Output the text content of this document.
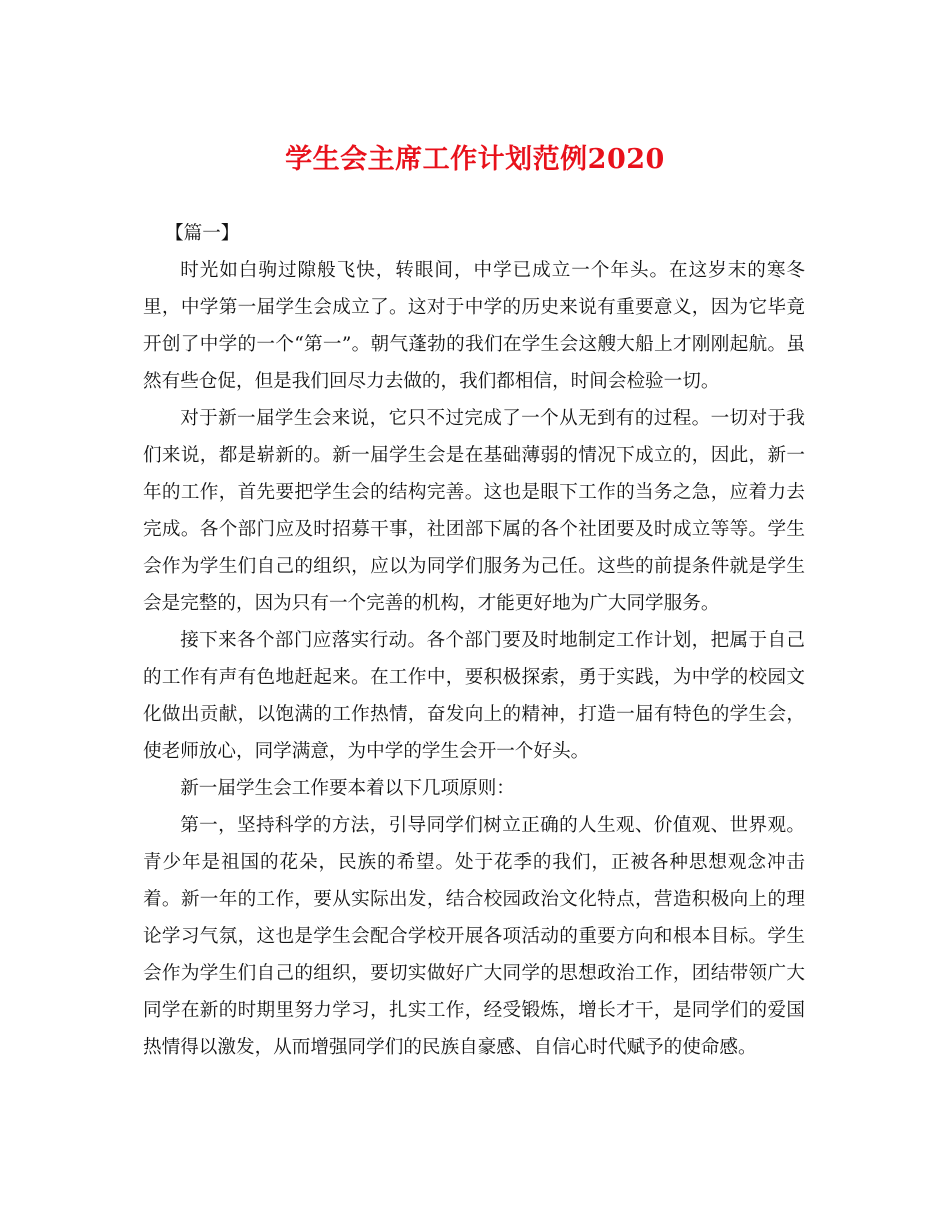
学生会主席工作计划范例2020

【篇一】

时光如白驹过隙般飞快，转眼间，中学已成立一个年头。在这岁末的寒冬里，中学第一届学生会成立了。这对于中学的历史来说有重要意义，因为它毕竟开创了中学的一个“第一”。朝气蓬勃的我们在学生会这艘大船上才刚刚起航。虽然有些仓促，但是我们回尽力去做的，我们都相信，时间会检验一切。

对于新一届学生会来说，它只不过完成了一个从无到有的过程。一切对于我们来说，都是崭新的。新一届学生会是在基础薄弱的情况下成立的，因此，新一年的工作，首先要把学生会的结构完善。这也是眼下工作的当务之急，应着力去完成。各个部门应及时招募干事，社团部下属的各个社团要及时成立等等。学生会作为学生们自己的组织，应以为同学们服务为己任。这些的前提条件就是学生会是完整的，因为只有一个完善的机构，才能更好地为广大同学服务。

接下来各个部门应落实行动。各个部门要及时地制定工作计划，把属于自己的工作有声有色地赶起来。在工作中，要积极探索，勇于实践，为中学的校园文化做出贡献，以饱满的工作热情，奋发向上的精神，打造一届有特色的学生会，使老师放心，同学满意，为中学的学生会开一个好头。

新一届学生会工作要本着以下几项原则：

第一，坚持科学的方法，引导同学们树立正确的人生观、价值观、世界观。青少年是祖国的花朵，民族的希望。处于花季的我们，正被各种思想观念冲击着。新一年的工作，要从实际出发，结合校园政治文化特点，营造积极向上的理论学习气氛，这也是学生会配合学校开展各项活动的重要方向和根本目标。学生会作为学生们自己的组织，要切实做好广大同学的思想政治工作，团结带领广大同学在新的时期里努力学习，扎实工作，经受锻炼，增长才干，是同学们的爱国热情得以激发，从而增强同学们的民族自豪感、自信心时代赋予的使命感。
